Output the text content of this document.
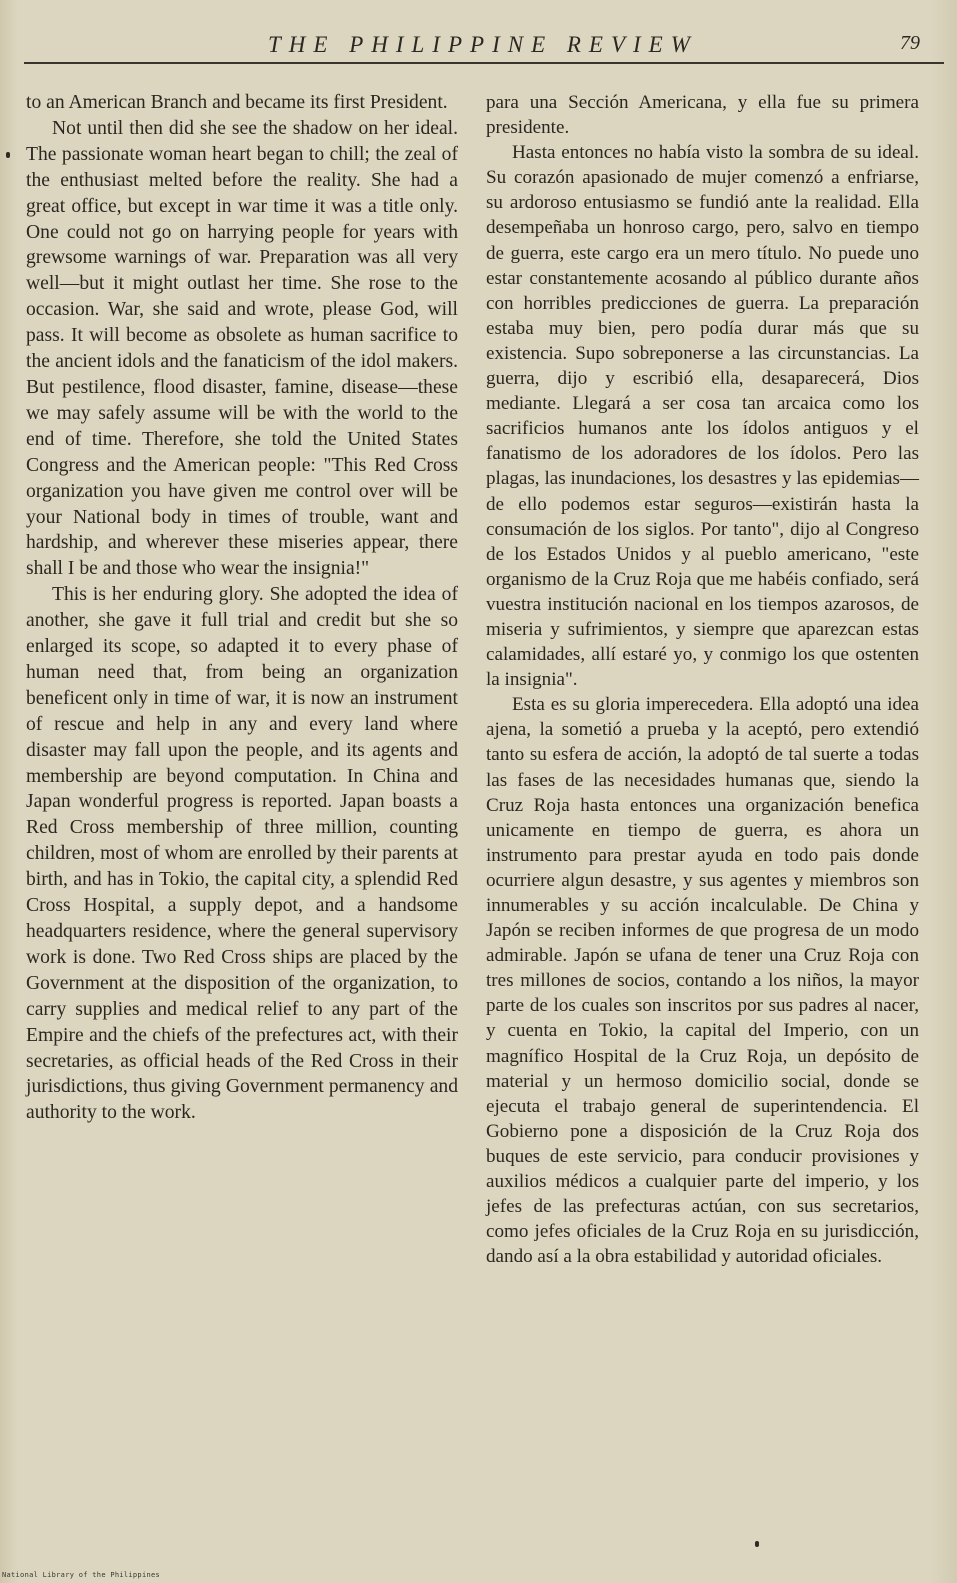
THE PHILIPPINE REVIEW	79

to an American Branch and became its first President.

Not until then did she see the shadow on her ideal. The passionate woman heart began to chill; the zeal of the enthusiast melted before the reality. She had a great office, but except in war time it was a title only. One could not go on harrying people for years with grewsome warnings of war. Preparation was all very well—but it might outlast her time. She rose to the occasion. War, she said and wrote, please God, will pass. It will become as obsolete as human sacrifice to the ancient idols and the fanaticism of the idol makers. But pestilence, flood disaster, famine, disease—these we may safely assume will be with the world to the end of time. Therefore, she told the United States Congress and the American people: "This Red Cross organization you have given me control over will be your National body in times of trouble, want and hardship, and wherever these miseries appear, there shall I be and those who wear the insignia!"

This is her enduring glory. She adopted the idea of another, she gave it full trial and credit but she so enlarged its scope, so adapted it to every phase of human need that, from being an organization beneficent only in time of war, it is now an instrument of rescue and help in any and every land where disaster may fall upon the people, and its agents and membership are beyond computation. In China and Japan wonderful progress is reported. Japan boasts a Red Cross membership of three million, counting children, most of whom are enrolled by their parents at birth, and has in Tokio, the capital city, a splendid Red Cross Hospital, a supply depot, and a handsome headquarters residence, where the general supervisory work is done. Two Red Cross ships are placed by the Government at the disposition of the organization, to carry supplies and medical relief to any part of the Empire and the chiefs of the prefectures act, with their secretaries, as official heads of the Red Cross in their jurisdictions, thus giving Government permanency and authority to the work.

para una Sección Americana, y ella fue su primera presidente.

Hasta entonces no había visto la sombra de su ideal. Su corazón apasionado de mujer comenzó a enfriarse, su ardoroso entusiasmo se fundió ante la realidad. Ella desempeñaba un honroso cargo, pero, salvo en tiempo de guerra, este cargo era un mero título. No puede uno estar constantemente acosando al público durante años con horribles predicciones de guerra. La preparación estaba muy bien, pero podía durar más que su existencia. Supo sobreponerse a las circunstancias. La guerra, dijo y escribió ella, desaparecerá, Dios mediante. Llegará a ser cosa tan arcaica como los sacrificios humanos ante los ídolos antiguos y el fanatismo de los adoradores de los ídolos. Pero las plagas, las inundaciones, los desastres y las epidemias—de ello podemos estar seguros—existirán hasta la consumación de los siglos. Por tanto", dijo al Congreso de los Estados Unidos y al pueblo americano, "este organismo de la Cruz Roja que me habéis confiado, será vuestra institución nacional en los tiempos azarosos, de miseria y sufrimientos, y siempre que aparezcan estas calamidades, allí estaré yo, y conmigo los que ostenten la insignia".

Esta es su gloria imperecedera. Ella adoptó una idea ajena, la sometió a prueba y la aceptó, pero extendió tanto su esfera de acción, la adoptó de tal suerte a todas las fases de las necesidades humanas que, siendo la Cruz Roja hasta entonces una organización benefica unicamente en tiempo de guerra, es ahora un instrumento para prestar ayuda en todo pais donde ocurriere algun desastre, y sus agentes y miembros son innumerables y su acción incalculable. De China y Japón se reciben informes de que progresa de un modo admirable. Japón se ufana de tener una Cruz Roja con tres millones de socios, contando a los niños, la mayor parte de los cuales son inscritos por sus padres al nacer, y cuenta en Tokio, la capital del Imperio, con un magnífico Hospital de la Cruz Roja, un depósito de material y un hermoso domicilio social, donde se ejecuta el trabajo general de superintendencia. El Gobierno pone a disposición de la Cruz Roja dos buques de este servicio, para conducir provisiones y auxilios médicos a cualquier parte del imperio, y los jefes de las prefecturas actúan, con sus secretarios, como jefes oficiales de la Cruz Roja en su jurisdicción, dando así a la obra estabilidad y autoridad oficiales.

National Library of the Philippines
